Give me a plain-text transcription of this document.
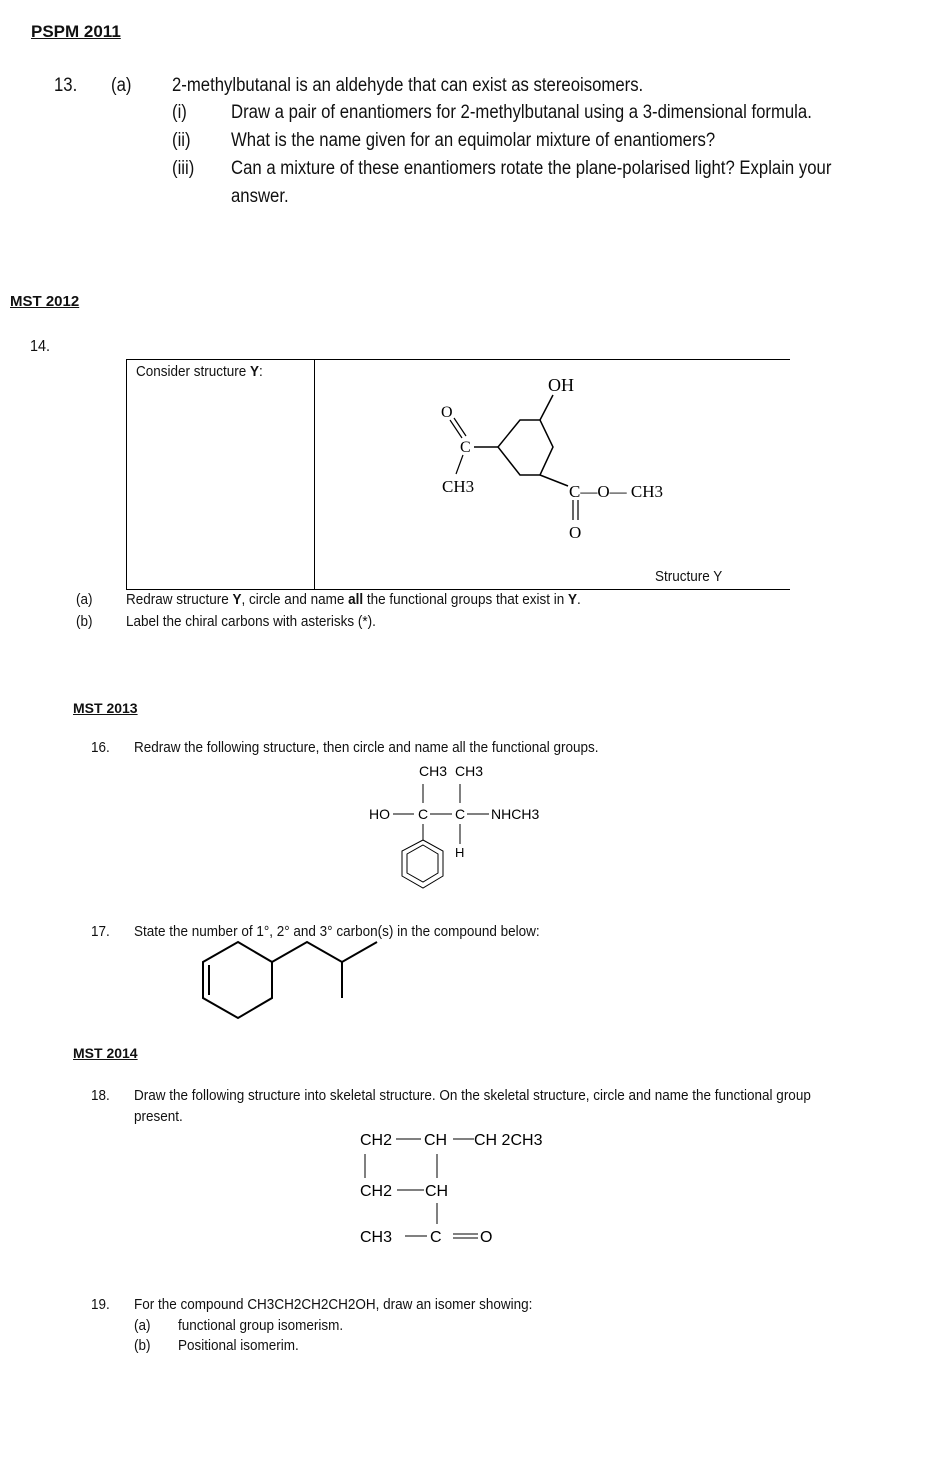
PSPM 2011
13. (a) 2-methylbutanal is an aldehyde that can exist as stereoisomers.
(i) Draw a pair of enantiomers for 2-methylbutanal using a 3-dimensional formula.
(ii) What is the name given for an equimolar mixture of enantiomers?
(iii) Can a mixture of these enantiomers rotate the plane-polarised light? Explain your
answer.
MST 2012
14.
Consider structure Y:
Structure Y
OH
C
O
CH3	C—O— CH3
O
(a) Redraw structure Y, circle and name all the functional groups that exist in Y.
(b) Label the chiral carbons with asterisks (*).
MST 2013
16. Redraw the following structure, then circle and name all the functional groups.
CH3 CH3
HO C C NHCH3
H
17. State the number of 1°, 2° and 3° carbon(s) in the compound below:
MST 2014
18. Draw the following structure into skeletal structure. On the skeletal structure, circle and name the functional group
present.
CH2 CH CH 2CH3
CH2 CH
CH3 C O
19. For the compound CH3CH2CH2CH2OH, draw an isomer showing:
(a) functional group isomerism.
(b) Positional isomerim.
